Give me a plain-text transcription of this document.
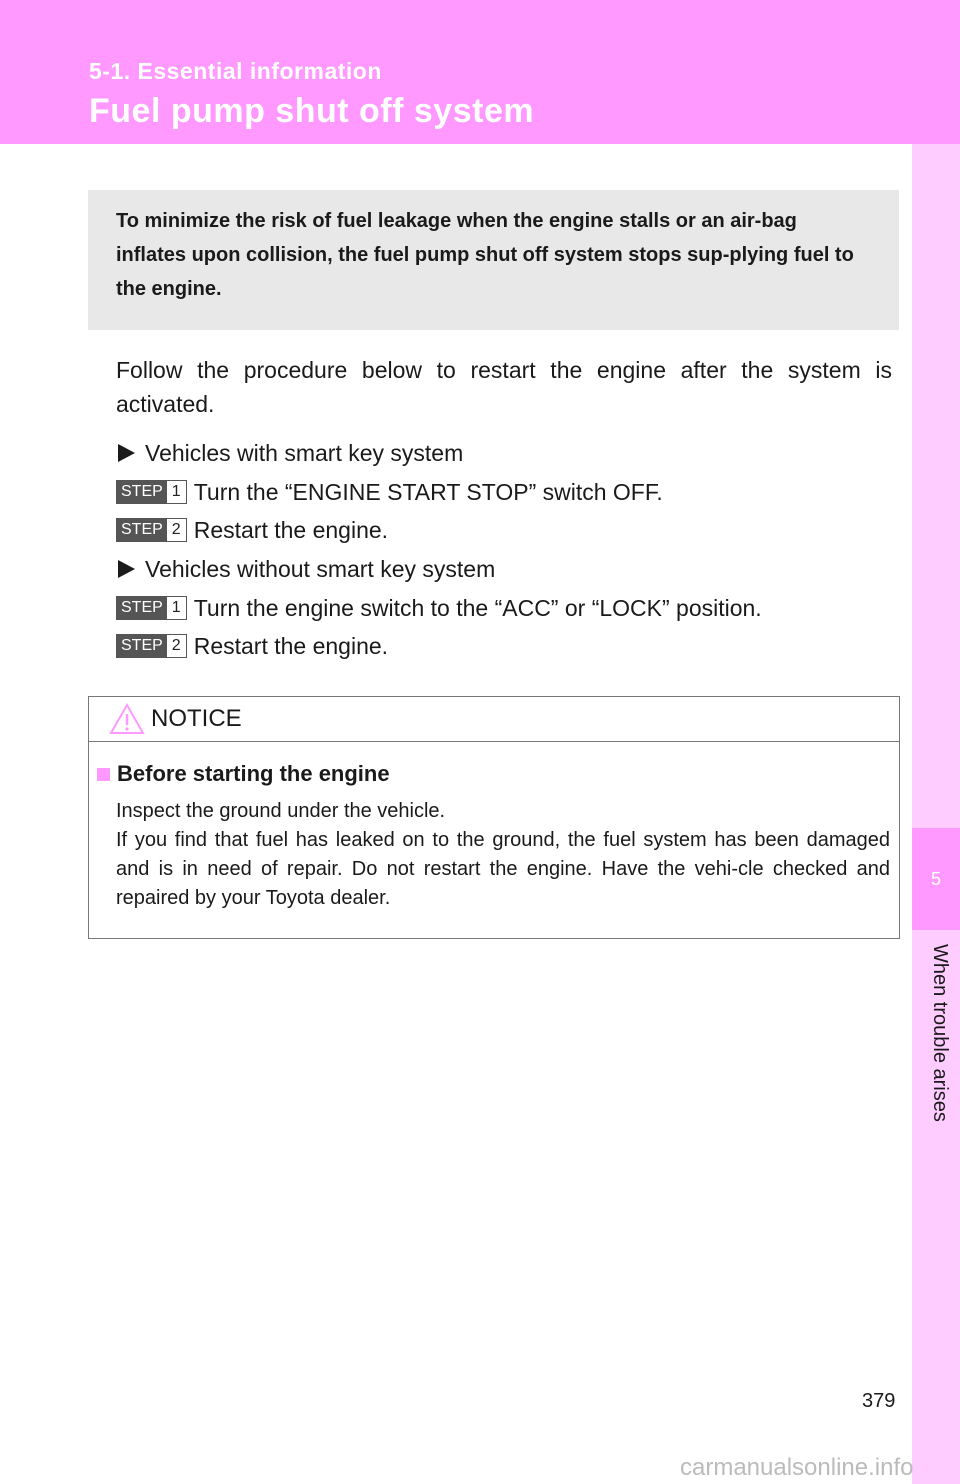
5-1. Essential information
Fuel pump shut off system
5
When trouble arises
To minimize the risk of fuel leakage when the engine stalls or an air-bag inflates upon collision, the fuel pump shut off system stops sup-plying fuel to the engine.
Follow the procedure below to restart the engine after the system is activated.
Vehicles with smart key system
STEP 1 Turn the “ENGINE START STOP” switch OFF.
STEP 2 Restart the engine.
Vehicles without smart key system
STEP 1 Turn the engine switch to the “ACC” or “LOCK” position.
STEP 2 Restart the engine.
NOTICE
Before starting the engine

Inspect the ground under the vehicle.

If you find that fuel has leaked on to the ground, the fuel system has been damaged and is in need of repair. Do not restart the engine. Have the vehi-cle checked and repaired by your Toyota dealer.

379
carmanualsonline.info
